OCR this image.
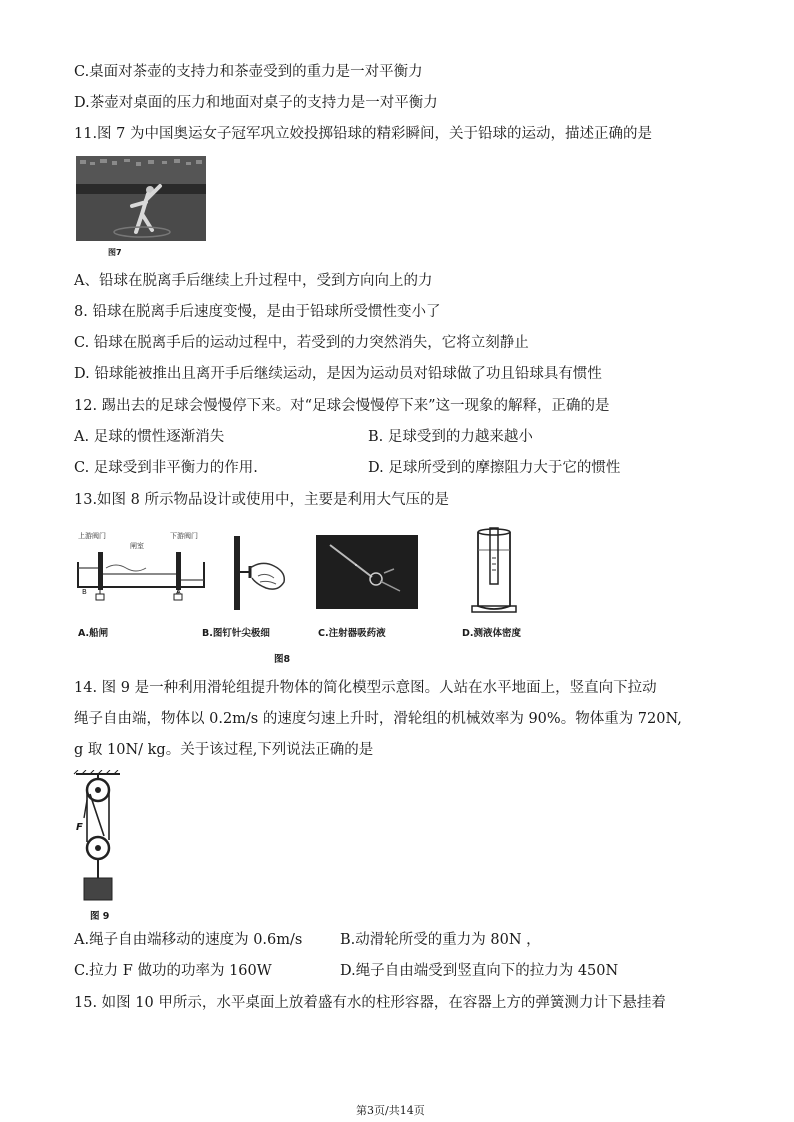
C.桌面对茶壶的支持力和茶壶受到的重力是一对平衡力
D.茶壶对桌面的压力和地面对桌子的支持力是一对平衡力
11.图 7 为中国奥运女子冠军巩立姣投掷铅球的精彩瞬间，关于铅球的运动，描述正确的是
图7
A、铅球在脱离手后继续上升过程中，受到方向向上的力
8. 铅球在脱离手后速度变慢，是由于铅球所受惯性变小了
C. 铅球在脱离手后的运动过程中，若受到的力突然消失，它将立刻静止
D. 铅球能被推出且离开手后继续运动，是因为运动员对铅球做了功且铅球具有惯性
12. 踢出去的足球会慢慢停下来。对“足球会慢慢停下来”这一现象的解释，正确的是
A. 足球的惯性逐渐消失	B. 足球受到的力越来越小
C. 足球受到非平衡力的作用.	D. 足球所受到的摩擦阻力大于它的惯性
13.如图 8 所示物品设计或使用中，主要是利用大气压的是
上游阀门
闸室
下游阀门
B	A
A.船闸	B.图钉针尖极细	C.注射器吸药液	D.测液体密度
图8
14. 图 9 是一种利用滑轮组提升物体的简化模型示意图。人站在水平地面上，竖直向下拉动
绳子自由端，物体以 0.2m/s 的速度匀速上升时，滑轮组的机械效率为 90%。物体重为 720N,
g 取 10N/ kg。关于该过程,下列说法正确的是
F
图 9
A.绳子自由端移动的速度为 0.6m/s	B.动滑轮所受的重力为 80N ，
C.拉力 F 做功的功率为 160W	D.绳子自由端受到竖直向下的拉力为 450N
15. 如图 10 甲所示，水平桌面上放着盛有水的柱形容器，在容器上方的弹簧测力计下悬挂着
第3页/共14页
